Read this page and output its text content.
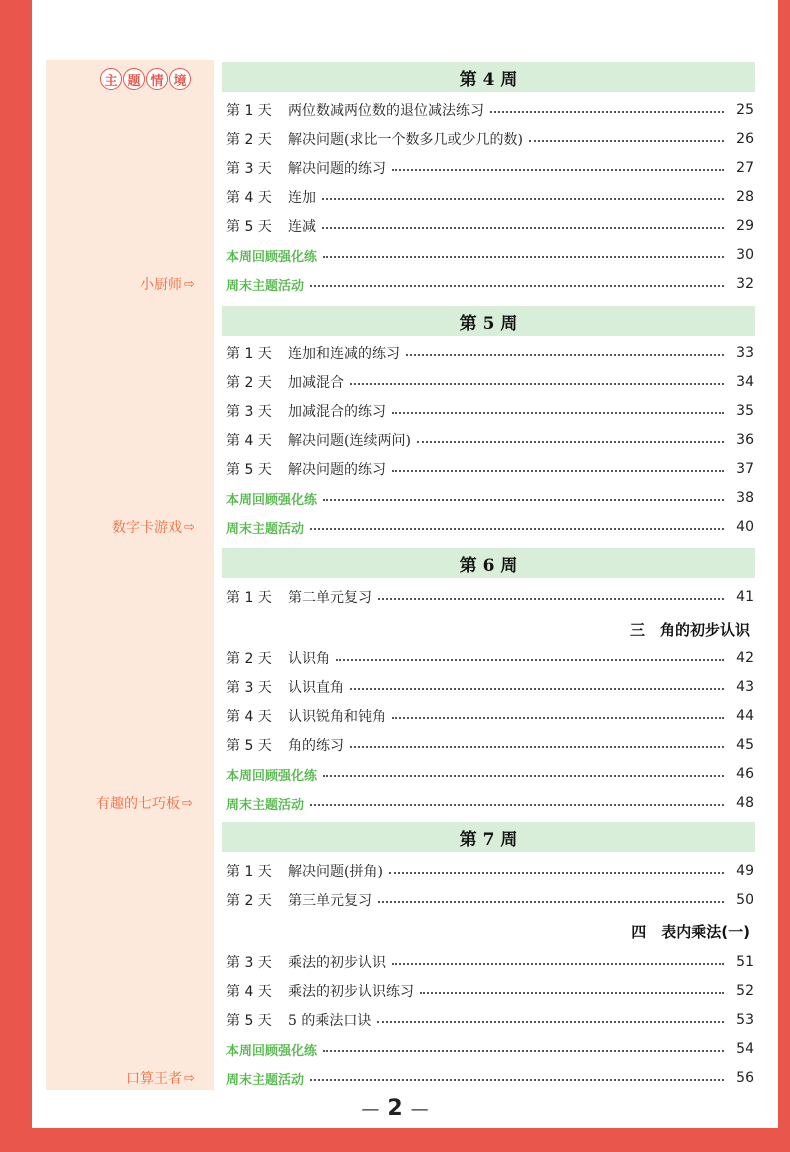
主 题 情 境	第 4 周
第 1 天	两位数减两位数的退位减法练习	25
第 2 天	解决问题(求比一个数多几或少几的数)	26
第 3 天	解决问题的练习	27
第 4 天	连加	28
第 5 天	连减	29
本周回顾强化练	30
周末主题活动	32
小厨师 ⇨
第 5 周
第 1 天	连加和连减的练习	33
第 2 天	加减混合	34
第 3 天	加减混合的练习	35
第 4 天	解决问题(连续两问)	36
第 5 天	解决问题的练习	37
本周回顾强化练	38
周末主题活动	40
数字卡游戏 ⇨
第 6 周
第 1 天	第二单元复习	41
三　角的初步认识
第 2 天	认识角	42
第 3 天	认识直角	43
第 4 天	认识锐角和钝角	44
第 5 天	角的练习	45
本周回顾强化练	46
周末主题活动	48
有趣的七巧板 ⇨
第 7 周
第 1 天	解决问题(拼角)	49
第 2 天	第三单元复习	50
四　表内乘法(一)
第 3 天	乘法的初步认识	51
第 4 天	乘法的初步认识练习	52
第 5 天	5 的乘法口诀	53
本周回顾强化练	54
周末主题活动	56
口算王者 ⇨
— 2 —
